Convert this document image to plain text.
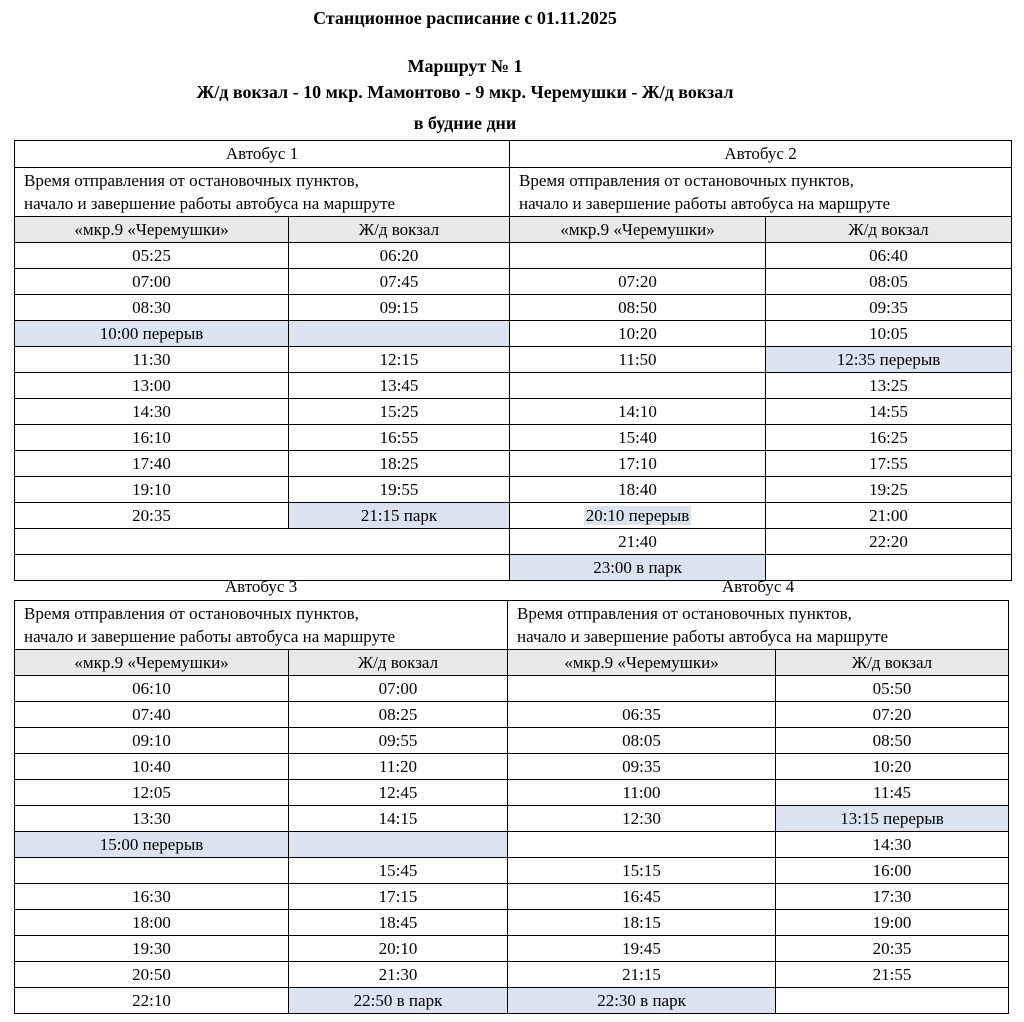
Станционное расписание с 01.11.2025
Маршрут № 1
Ж/д вокзал - 10 мкр. Мамонтово - 9 мкр. Черемушки - Ж/д вокзал
в будние дни
Автобус 1		Автобус 2	
Время отправления от остановочных пунктов,
начало и завершение работы автобуса на маршруте		Время отправления от остановочных пунктов,
начало и завершение работы автобуса на маршруте	
«мкр.9 «Черемушки»	Ж/д вокзал	«мкр.9 «Черемушки»	Ж/д вокзал
05:25	06:20		06:40
07:00	07:45	07:20	08:05
08:30	09:15	08:50	09:35
10:00 перерыв		10:20	10:05
11:30	12:15	11:50	12:35 перерыв
13:00	13:45		13:25
14:30	15:25	14:10	14:55
16:10	16:55	15:40	16:25
17:40	18:25	17:10	17:55
19:10	19:55	18:40	19:25
20:35	21:15 парк	20:10 перерыв	21:00
		21:40	22:20
		23:00 в парк	
Автобус 3		Автобус 4	
Время отправления от остановочных пунктов,
начало и завершение работы автобуса на маршруте		Время отправления от остановочных пунктов,
начало и завершение работы автобуса на маршруте	
«мкр.9 «Черемушки»	Ж/д вокзал	«мкр.9 «Черемушки»	Ж/д вокзал
06:10	07:00		05:50
07:40	08:25	06:35	07:20
09:10	09:55	08:05	08:50
10:40	11:20	09:35	10:20
12:05	12:45	11:00	11:45
13:30	14:15	12:30	13:15 перерыв
15:00 перерыв			14:30
	15:45	15:15	16:00
16:30	17:15	16:45	17:30
18:00	18:45	18:15	19:00
19:30	20:10	19:45	20:35
20:50	21:30	21:15	21:55
22:10	22:50 в парк	22:30 в парк	
